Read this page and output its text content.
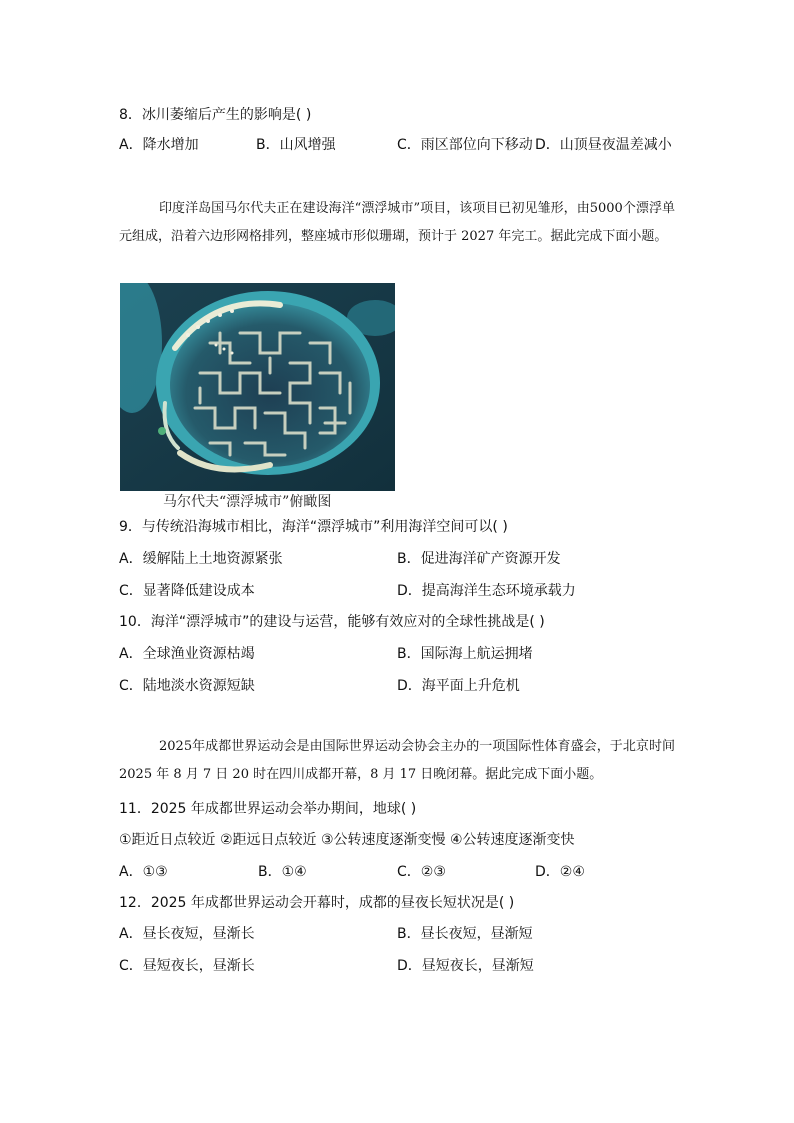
8．冰川萎缩后产生的影响是( )
A．降水增加	B．山风增强	C．雨区部位向下移动 D．山顶昼夜温差减小

印度洋岛国马尔代夫正在建设海洋“漂浮城市”项目，该项目已初见雏形，由5000个漂浮单元组成，沿着六边形网格排列，整座城市形似珊瑚，预计于 2027 年完工。据此完成下面小题。

马尔代夫“漂浮城市”俯瞰图
9．与传统沿海城市相比，海洋“漂浮城市”利用海洋空间可以( )
A．缓解陆上土地资源紧张	B．促进海洋矿产资源开发
C．显著降低建设成本	D．提高海洋生态环境承载力
10．海洋“漂浮城市”的建设与运营，能够有效应对的全球性挑战是( )
A．全球渔业资源枯竭	B．国际海上航运拥堵
C．陆地淡水资源短缺	D．海平面上升危机

2025年成都世界运动会是由国际世界运动会协会主办的一项国际性体育盛会，于北京时间 2025 年 8 月 7 日 20 时在四川成都开幕，8 月 17 日晚闭幕。据此完成下面小题。

11．2025 年成都世界运动会举办期间，地球( )
①距近日点较近 ②距远日点较近 ③公转速度逐渐变慢 ④公转速度逐渐变快
A．①③	B．①④	C．②③	D．②④
12．2025 年成都世界运动会开幕时，成都的昼夜长短状况是( )
A．昼长夜短，昼渐长	B．昼长夜短，昼渐短
C．昼短夜长，昼渐长	D．昼短夜长，昼渐短
